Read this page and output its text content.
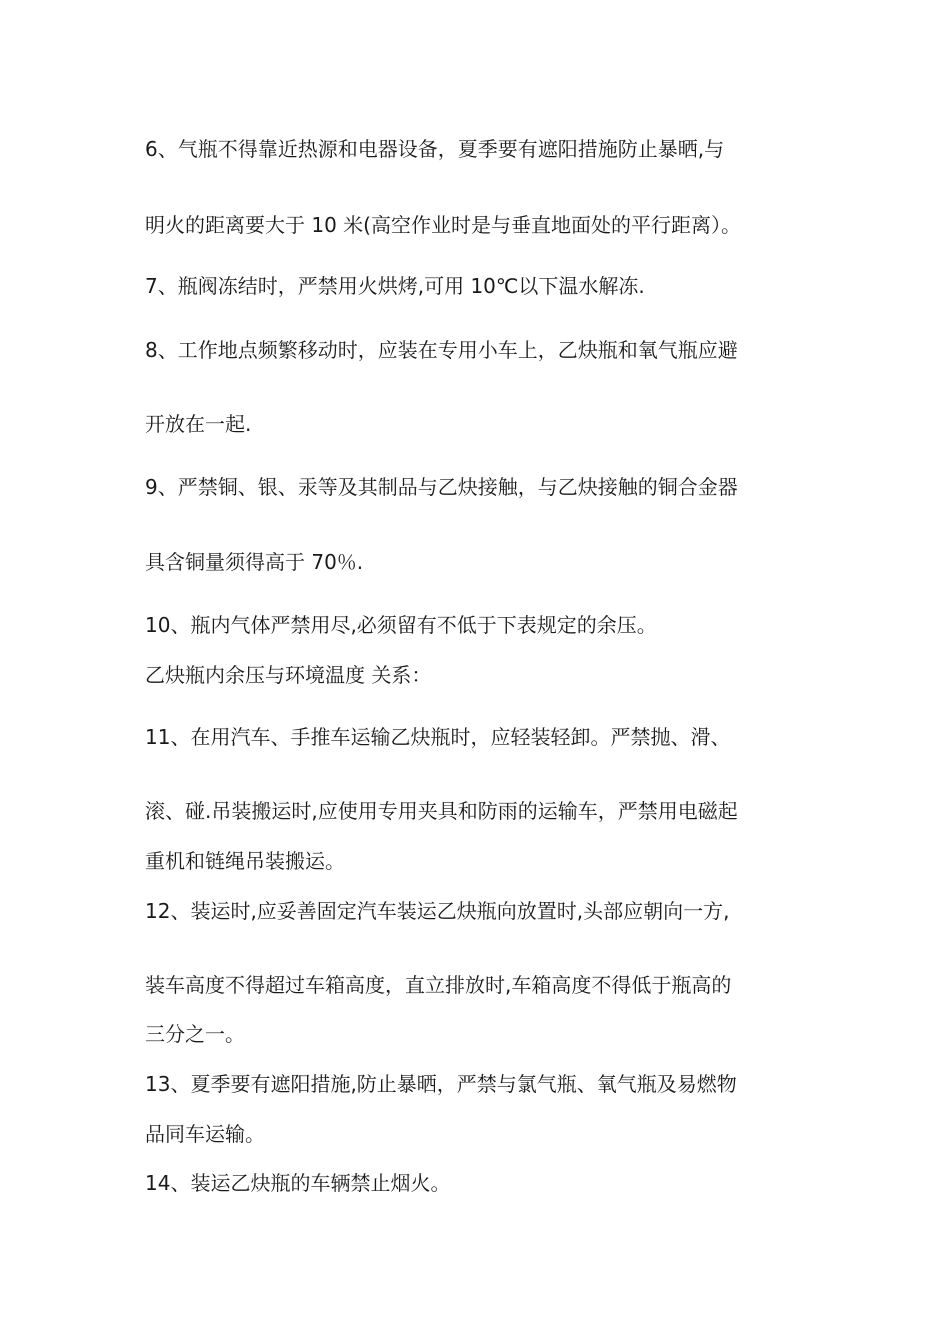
6、气瓶不得靠近热源和电器设备，夏季要有遮阳措施防止暴晒,与
明火的距离要大于 10 米(高空作业时是与垂直地面处的平行距离）。
7、瓶阀冻结时，严禁用火烘烤,可用 10℃以下温水解冻.
8、工作地点频繁移动时，应装在专用小车上，乙炔瓶和氧气瓶应避
开放在一起.
9、严禁铜、银、汞等及其制品与乙炔接触，与乙炔接触的铜合金器
具含铜量须得高于 70％.
10、瓶内气体严禁用尽,必须留有不低于下表规定的余压。
乙炔瓶内余压与环境温度 关系：
11、在用汽车、手推车运输乙炔瓶时，应轻装轻卸。严禁抛、滑、
滚、碰.吊装搬运时,应使用专用夹具和防雨的运输车，严禁用电磁起
重机和链绳吊装搬运。
12、装运时,应妥善固定汽车装运乙炔瓶向放置时,头部应朝向一方,
装车高度不得超过车箱高度，直立排放时,车箱高度不得低于瓶高的
三分之一。
13、夏季要有遮阳措施,防止暴晒，严禁与氯气瓶、氧气瓶及易燃物
品同车运输。
14、装运乙炔瓶的车辆禁止烟火。
